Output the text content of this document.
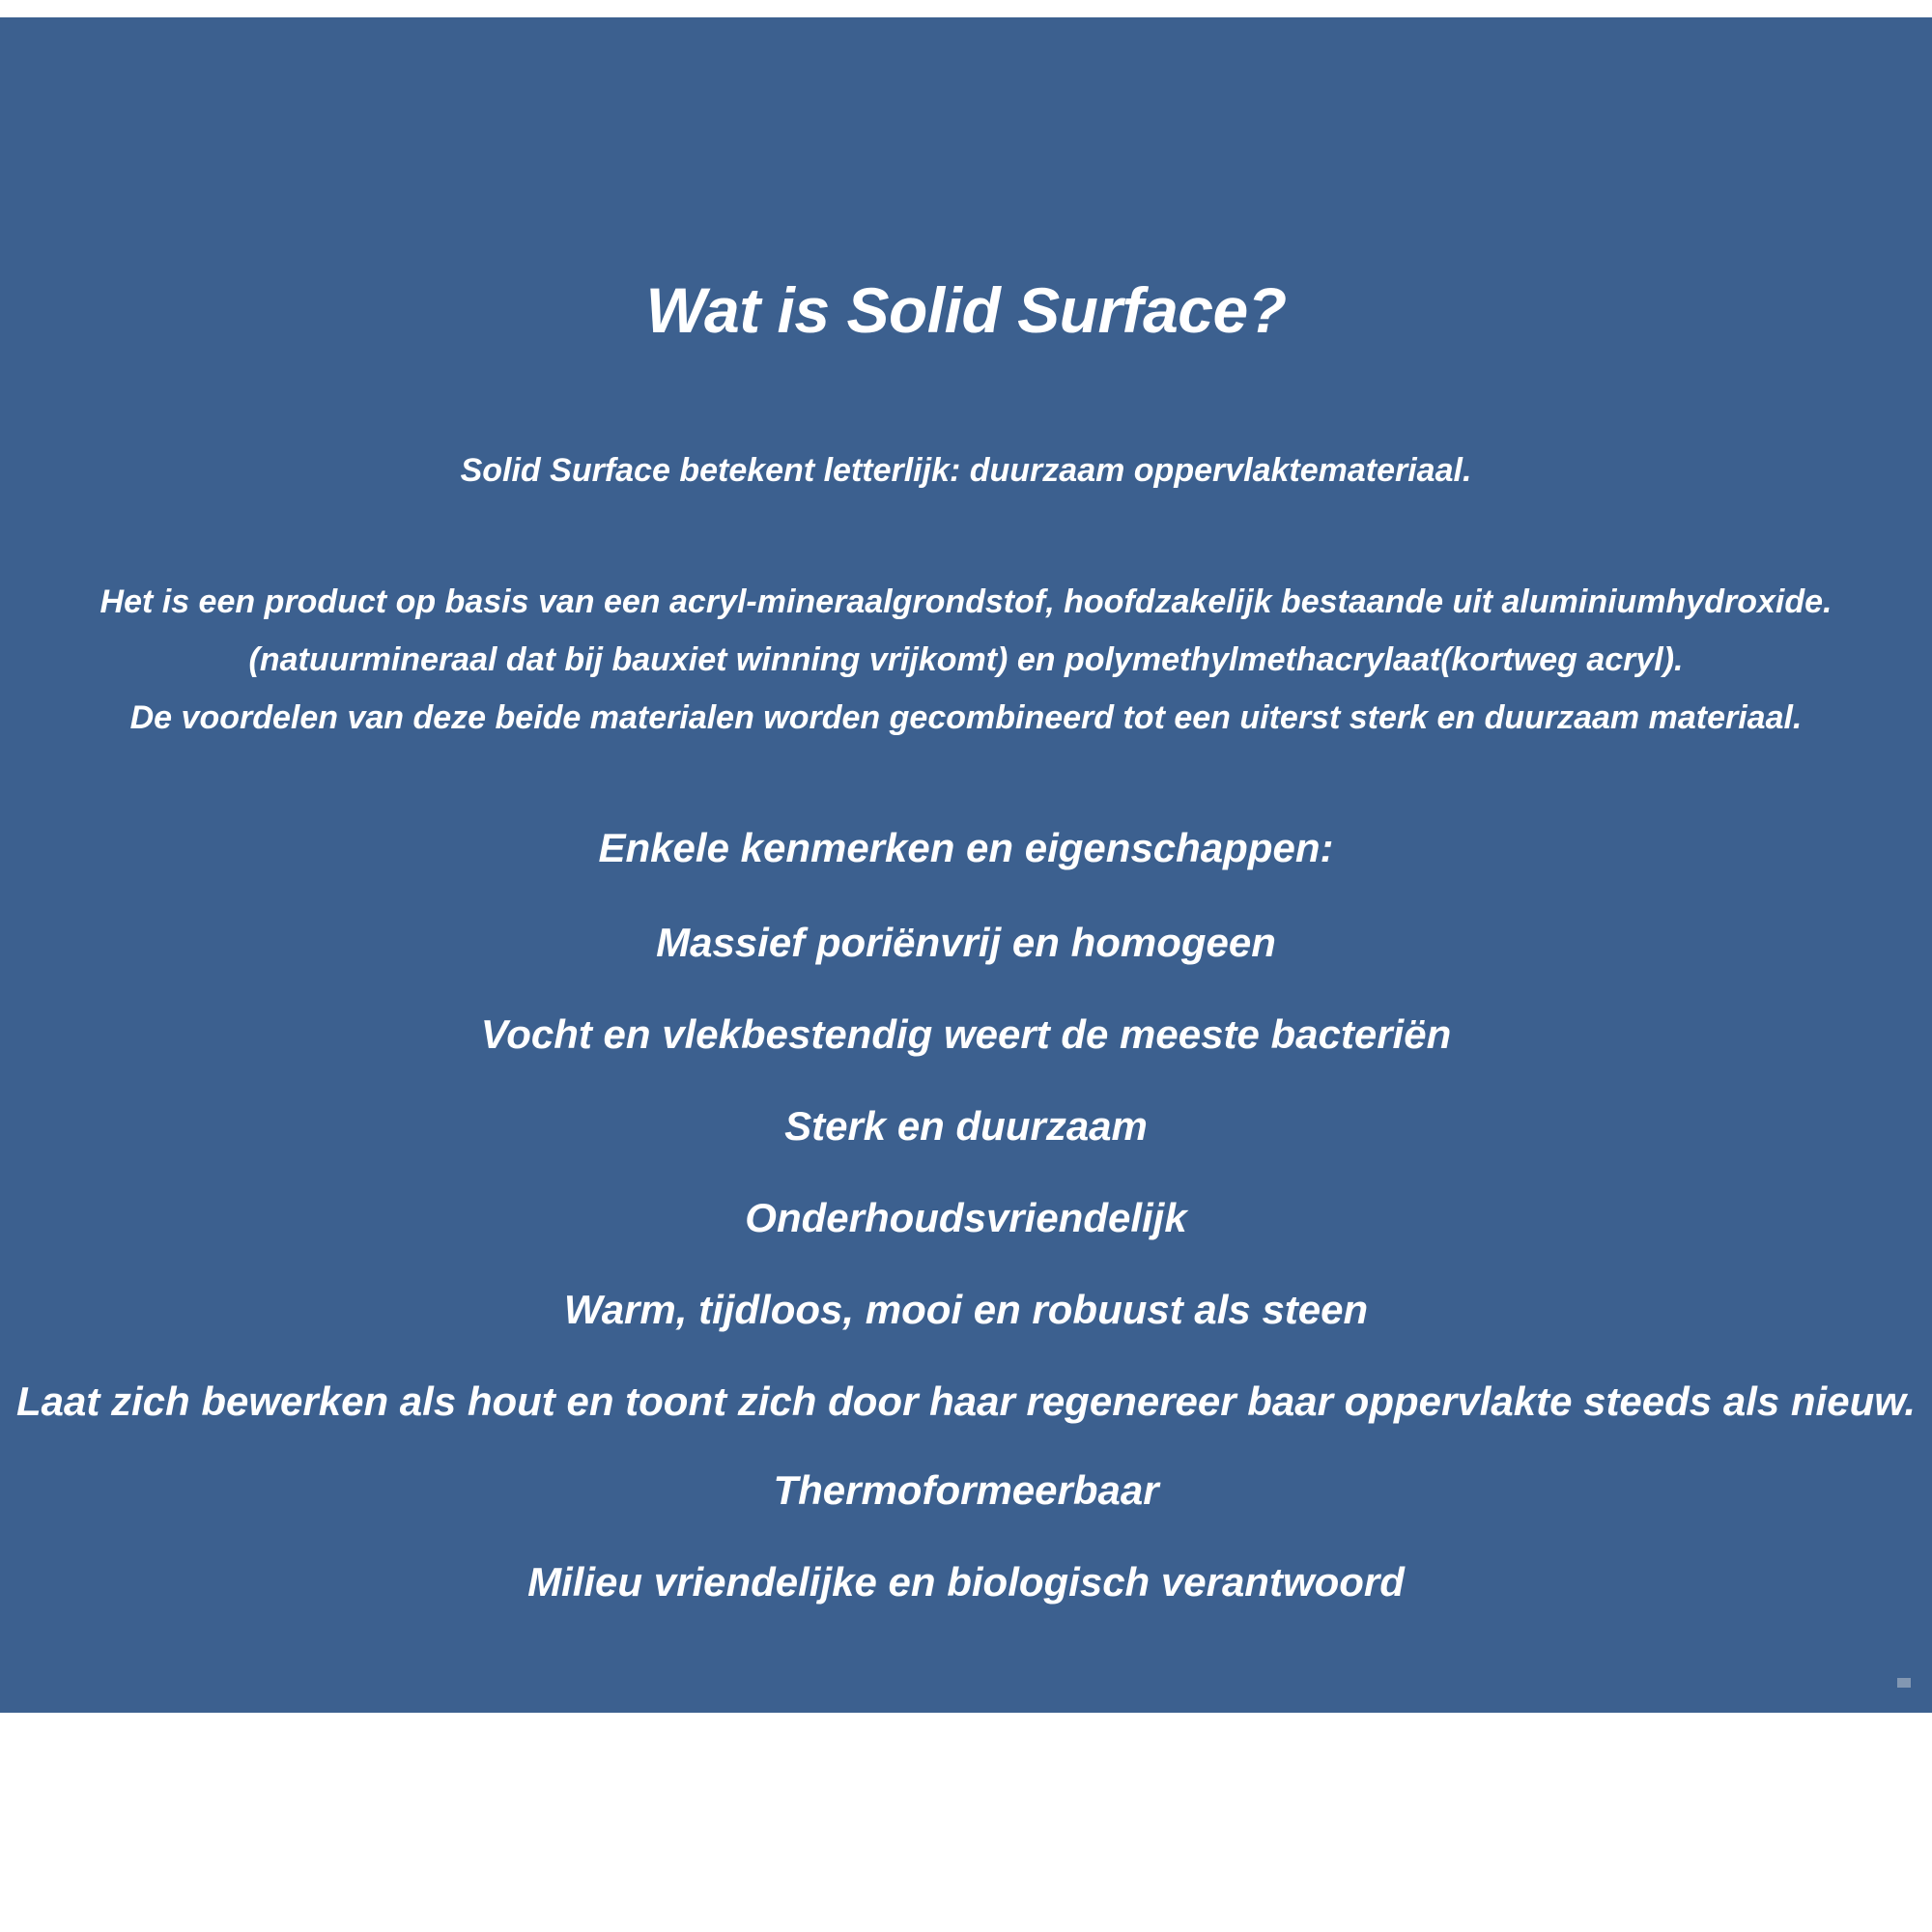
Wat is Solid Surface?
Solid Surface betekent letterlijk: duurzaam oppervlaktemateriaal.
Het is een product op basis van een acryl-mineraalgrondstof, hoofdzakelijk bestaande uit aluminiumhydroxide.
(natuurmineraal dat bij bauxiet winning vrijkomt) en polymethylmethacrylaat(kortweg acryl).
De voordelen van deze beide materialen worden gecombineerd tot een uiterst sterk en duurzaam materiaal.
Enkele kenmerken en eigenschappen:
Massief poriënvrij en homogeen
Vocht en vlekbestendig weert de meeste bacteriën
Sterk en duurzaam
Onderhoudsvriendelijk
Warm, tijdloos, mooi en robuust als steen
Laat zich bewerken als hout en toont zich door haar regenereer baar oppervlakte steeds als nieuw.
Thermoformeerbaar
Milieu vriendelijke en biologisch verantwoord
